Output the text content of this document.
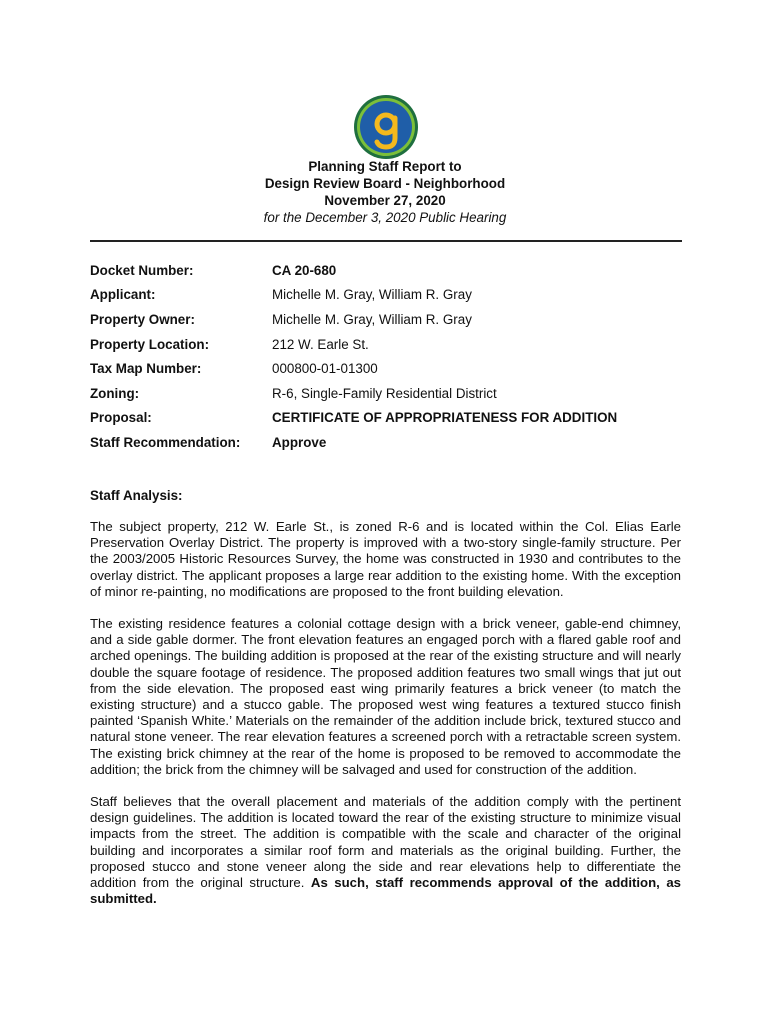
Planning Staff Report to
Design Review Board - Neighborhood
November 27, 2020
for the December 3, 2020 Public Hearing
Docket Number:	CA 20-680
Applicant:	Michelle M. Gray, William R. Gray
Property Owner:	Michelle M. Gray, William R. Gray
Property Location:	212 W. Earle St.
Tax Map Number:	000800-01-01300
Zoning:	R-6, Single-Family Residential District
Proposal:	CERTIFICATE OF APPROPRIATENESS FOR ADDITION
Staff Recommendation:	Approve
Staff Analysis:

The subject property, 212 W. Earle St., is zoned R-6 and is located within the Col. Elias Earle Preservation Overlay District. The property is improved with a two-story single-family structure. Per the 2003/2005 Historic Resources Survey, the home was constructed in 1930 and contributes to the overlay district. The applicant proposes a large rear addition to the existing home. With the exception of minor re-painting, no modifications are proposed to the front building elevation.

The existing residence features a colonial cottage design with a brick veneer, gable-end chimney, and a side gable dormer. The front elevation features an engaged porch with a flared gable roof and arched openings. The building addition is proposed at the rear of the existing structure and will nearly double the square footage of residence. The proposed addition features two small wings that jut out from the side elevation. The proposed east wing primarily features a brick veneer (to match the existing structure) and a stucco gable. The proposed west wing features a textured stucco finish painted ‘Spanish White.’ Materials on the remainder of the addition include brick, textured stucco and natural stone veneer. The rear elevation features a screened porch with a retractable screen system. The existing brick chimney at the rear of the home is proposed to be removed to accommodate the addition; the brick from the chimney will be salvaged and used for construction of the addition.

Staff believes that the overall placement and materials of the addition comply with the pertinent design guidelines. The addition is located toward the rear of the existing structure to minimize visual impacts from the street. The addition is compatible with the scale and character of the original building and incorporates a similar roof form and materials as the original building. Further, the proposed stucco and stone veneer along the side and rear elevations help to differentiate the addition from the original structure. As such, staff recommends approval of the addition, as submitted.
